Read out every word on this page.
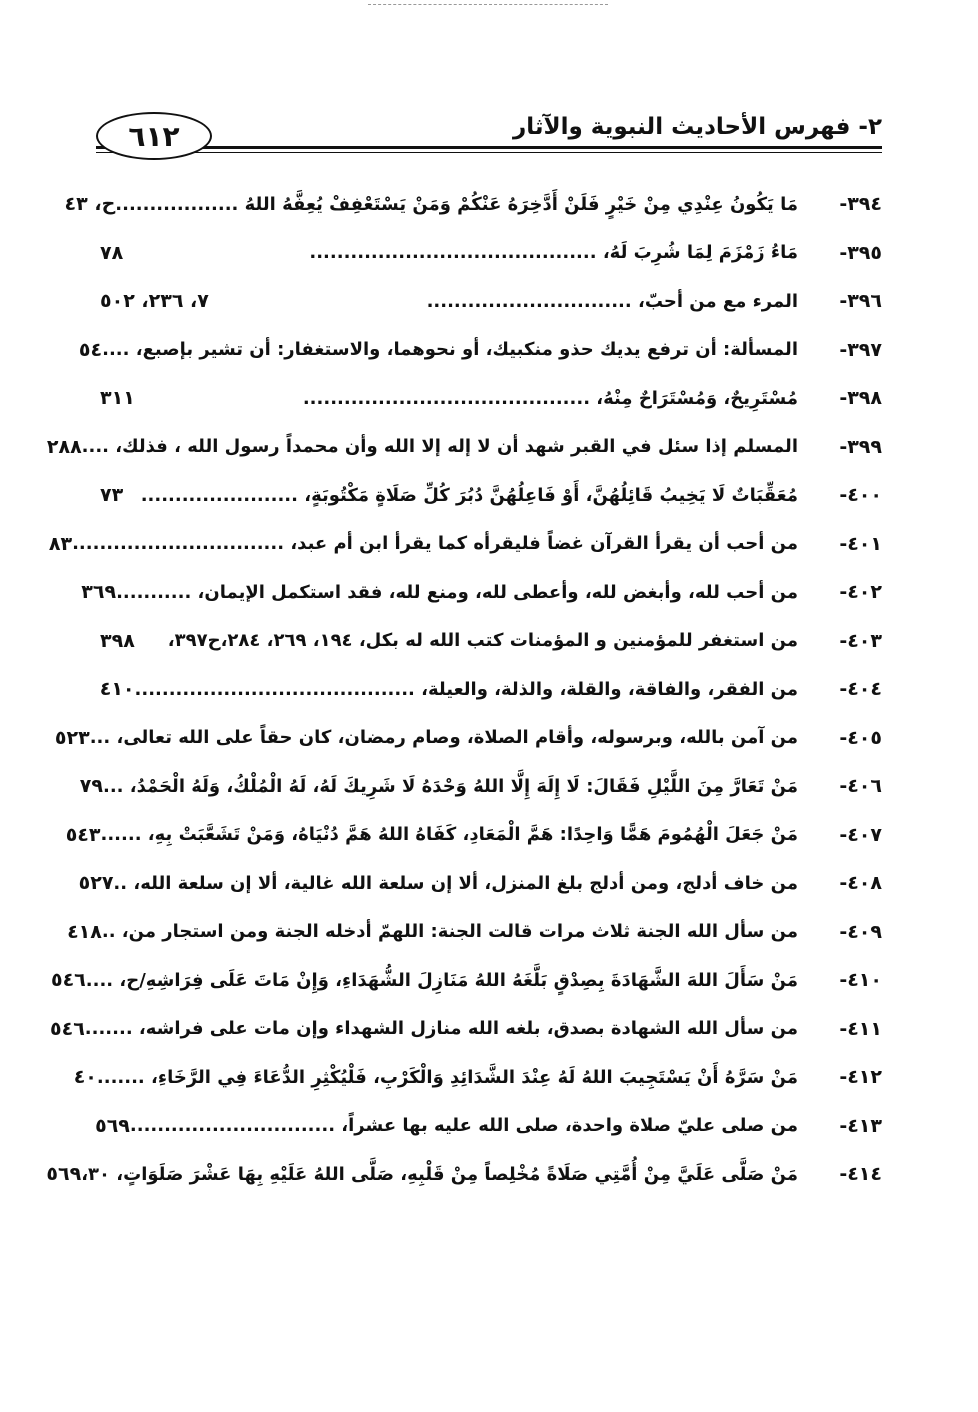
٢- فهرس الأحاديث النبوية والآثار
٦١٢
٣٩٤-
مَا يَكُونُ عِنْدِي مِنْ خَيْرٍ فَلَنْ أَدَّخِرَهُ عَنْكُمْ وَمَنْ يَسْتَعْفِفْ يُعِفَّهُ اللهُ ..................
ح، ٤٣
٣٩٥-
مَاءُ زَمْزَمَ لِمَا شُرِبَ لَهُ، ..........................................
٧٨
٣٩٦-
المرء مع من أحبّ، ..............................
٧، ٢٣٦، ٥٠٢
٣٩٧-
المسألة: أن ترفع يديك حذو منكبيك، أو نحوهما، والاستغفار: أن تشير بإصبع، ....
٥٤
٣٩٨-
مُسْتَرِيحٌ، وَمُسْتَرَاحٌ مِنْهُ، ..........................................
٣١١
٣٩٩-
المسلم إذا سئل في القبر شهد أن لا إله إلا الله وأن محمداً رسول الله ، فذلك، ....
٢٨٨
٤٠٠-
مُعَقِّبَاتٌ لَا يَخِيبُ قَائِلُهُنَّ، أَوْ فَاعِلُهُنَّ دُبُرَ كُلِّ صَلَاةٍ مَكْتُوبَةٍ، .......................
٧٣
٤٠١-
من أحب أن يقرأ القرآن غضاً فليقرأه كما يقرأ ابن أم عبد، ...............................
٨٣
٤٠٢-
من أحب لله، وأبغض لله، وأعطى لله، ومنع لله، فقد استكمل الإيمان، ...........
٣٦٩
٤٠٣-
من استغفر للمؤمنين و المؤمنات كتب الله له بكل، ١٩٤، ٢٦٩، ٢٨٤،ح٣٩٧،
٣٩٨
٤٠٤-
من الفقر، والفاقة، والقلة، والذلة، والعيلة، .........................................
٤١٠
٤٠٥-
من آمن بالله، وبرسوله، وأقام الصلاة، وصام رمضان، كان حقاً على الله تعالى، ...
٥٢٣
٤٠٦-
مَنْ تَعَارَّ مِنَ اللَّيْلِ فَقَالَ: لَا إِلَهَ إِلَّا اللهُ وَحْدَهُ لَا شَرِيكَ لَهُ، لَهُ الْمُلْكُ، وَلَهُ الْحَمْدُ، ...
٧٩
٤٠٧-
مَنْ جَعَلَ الْهُمُومَ هَمًّا وَاحِدًا: هَمَّ الْمَعَادِ، كَفَاهُ اللهُ هَمَّ دُنْيَاهُ، وَمَنْ تَشَعَّبَتْ بِهِ، ......
٥٤٣
٤٠٨-
من خاف أدلج، ومن أدلج بلغ المنزل، ألا إن سلعة الله غالية، ألا إن سلعة الله، ..
٥٢٧
٤٠٩-
من سأل الله الجنة ثلاث مرات قالت الجنة: اللهمّ أدخله الجنة ومن استجار من، ..
٤١٨
٤١٠-
مَنْ سَأَلَ اللهَ الشَّهَادَةَ بِصِدْقٍ بَلَّغَهُ اللهُ مَنَازِلَ الشُّهَدَاءِ، وَإِنْ مَاتَ عَلَى فِرَاشِهِ/ح، ....
٥٤٦
٤١١-
من سأل الله الشهادة بصدق، بلغه الله منازل الشهداء وإن مات على فراشه، .......
٥٤٦
٤١٢-
مَنْ سَرَّهُ أَنْ يَسْتَجِيبَ اللهُ لَهُ عِنْدَ الشَّدَائِدِ وَالْكَرْبِ، فَلْيُكْثِرِ الدُّعَاءَ فِي الرَّخَاءِ، .......
٤٠
٤١٣-
من صلى عليّ صلاة واحدة، صلى الله عليه بها عشراً، ..............................
٥٦٩
٤١٤-
مَنْ صَلَّى عَلَيَّ مِنْ أُمَّتِي صَلَاةً مُخْلِصاً مِنْ قَلْبِهِ، صَلَّى اللهُ عَلَيْهِ بِهَا عَشْرَ صَلَوَاتٍ، ٣٠،
٥٦٩
